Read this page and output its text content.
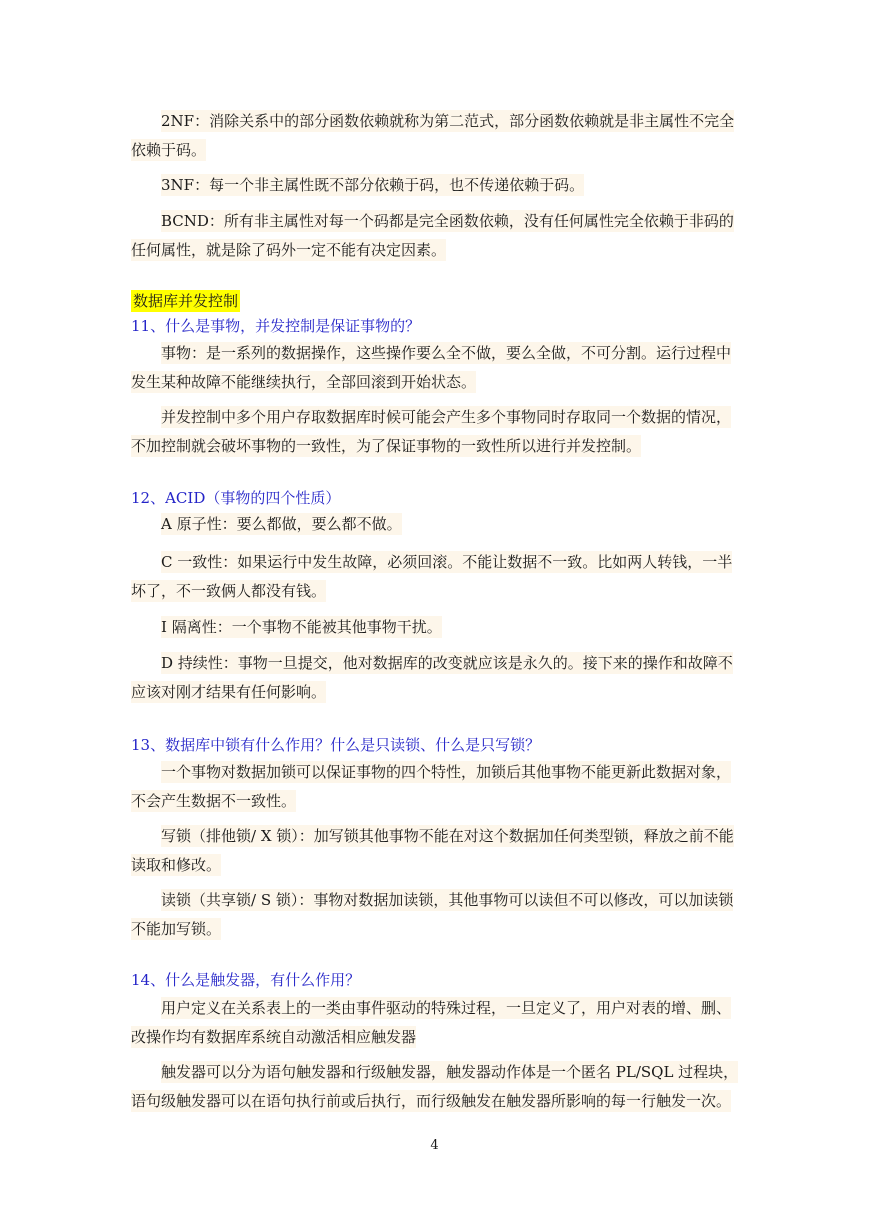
2NF：消除关系中的部分函数依赖就称为第二范式，部分函数依赖就是非主属性不完全
依赖于码。
3NF：每一个非主属性既不部分依赖于码，也不传递依赖于码。
BCND：所有非主属性对每一个码都是完全函数依赖，没有任何属性完全依赖于非码的
任何属性，就是除了码外一定不能有决定因素。
数据库并发控制
11、什么是事物，并发控制是保证事物的？
事物：是一系列的数据操作，这些操作要么全不做，要么全做，不可分割。运行过程中
发生某种故障不能继续执行，全部回滚到开始状态。
并发控制中多个用户存取数据库时候可能会产生多个事物同时存取同一个数据的情况，
不加控制就会破坏事物的一致性，为了保证事物的一致性所以进行并发控制。
12、ACID（事物的四个性质）
A 原子性：要么都做，要么都不做。
C 一致性：如果运行中发生故障，必须回滚。不能让数据不一致。比如两人转钱，一半
坏了，不一致俩人都没有钱。
I 隔离性：一个事物不能被其他事物干扰。
D 持续性：事物一旦提交，他对数据库的改变就应该是永久的。接下来的操作和故障不
应该对刚才结果有任何影响。
13、数据库中锁有什么作用？什么是只读锁、什么是只写锁？
一个事物对数据加锁可以保证事物的四个特性，加锁后其他事物不能更新此数据对象，
不会产生数据不一致性。
写锁（排他锁/ X 锁）：加写锁其他事物不能在对这个数据加任何类型锁，释放之前不能
读取和修改。
读锁（共享锁/ S 锁）：事物对数据加读锁，其他事物可以读但不可以修改，可以加读锁
不能加写锁。
14、什么是触发器，有什么作用？
用户定义在关系表上的一类由事件驱动的特殊过程，一旦定义了，用户对表的增、删、
改操作均有数据库系统自动激活相应触发器
触发器可以分为语句触发器和行级触发器，触发器动作体是一个匿名 PL/SQL 过程块，
语句级触发器可以在语句执行前或后执行，而行级触发在触发器所影响的每一行触发一次。
4
